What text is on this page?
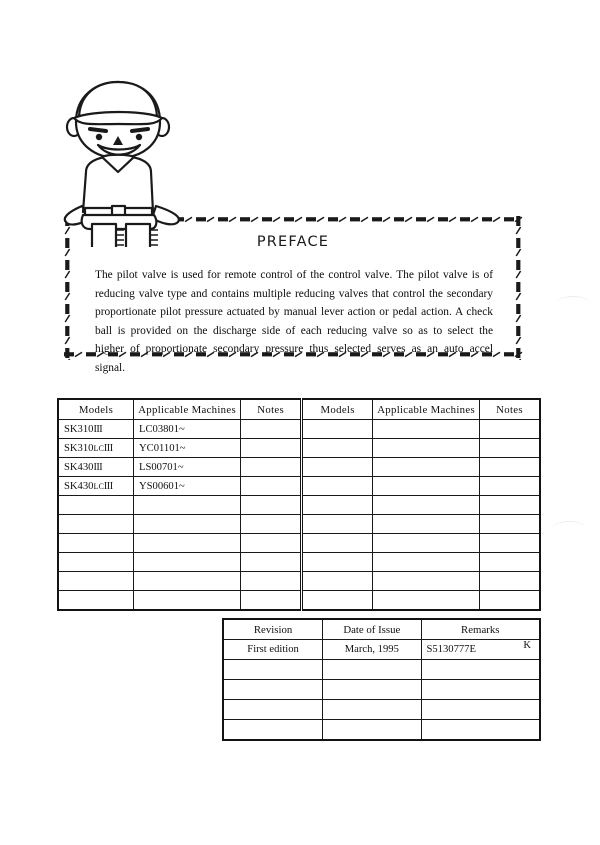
PREFACE

The pilot valve is used for remote control of the control valve. The pilot valve is of reducing valve type and contains multiple reducing valves that control the secondary proportionate pilot pressure actuated by manual lever action or pedal action. A check ball is provided on the discharge side of each reducing valve so as to select the higher of proportionate secondary pressure thus selected serves as an auto accel signal.

Models	Applicable Machines	Notes	Models	Applicable Machines	Notes
SK310III	LC03801~				
SK310LCIII	YC01101~				
SK430III	LS00701~				
SK430LCIII	YS00601~				

Revision	Date of Issue	Remarks
First edition	March, 1995	S5130777E K
